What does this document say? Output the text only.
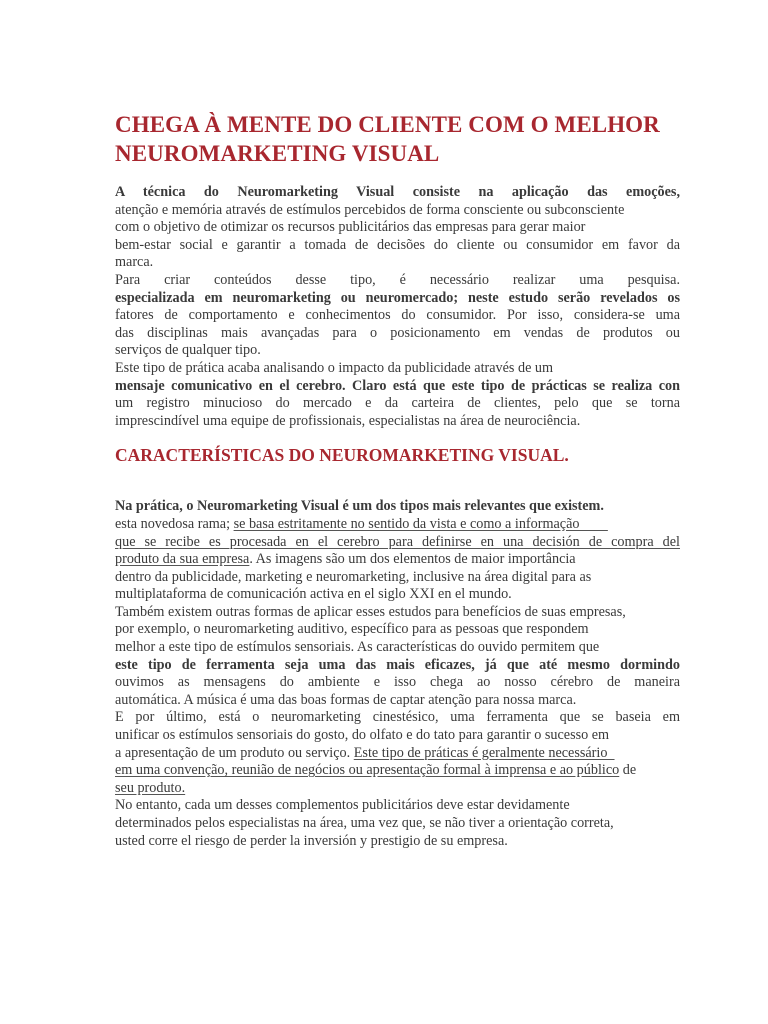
CHEGA À MENTE DO CLIENTE COM O MELHOR
NEUROMARKETING VISUAL
A técnica do Neuromarketing Visual consiste na aplicação das emoções,
atenção e memória através de estímulos percebidos de forma consciente ou subconsciente
com o objetivo de otimizar os recursos publicitários das empresas para gerar maior
bem-estar social e garantir a tomada de decisões do cliente ou consumidor em favor da
marca.
Para criar conteúdos desse tipo, é necessário realizar uma pesquisa.
especializada em neuromarketing ou neuromercado; neste estudo serão revelados os
fatores de comportamento e conhecimentos do consumidor. Por isso, considera-se uma
das disciplinas mais avançadas para o posicionamento em vendas de produtos ou
serviços de qualquer tipo.
Este tipo de prática acaba analisando o impacto da publicidade através de um
mensaje comunicativo en el cerebro. Claro está que este tipo de prácticas se realiza con
um registro minucioso do mercado e da carteira de clientes, pelo que se torna
imprescindível uma equipe de profissionais, especialistas na área de neurociência.
CARACTERÍSTICAS DO NEUROMARKETING VISUAL.
Na prática, o Neuromarketing Visual é um dos tipos mais relevantes que existem.
esta novedosa rama; se basa estritamente no sentido da vista e como a informação
que se recibe es procesada en el cerebro para definirse en una decisión de compra del
produto da sua empresa. As imagens são um dos elementos de maior importância
dentro da publicidade, marketing e neuromarketing, inclusive na área digital para as
multiplataforma de comunicación activa en el siglo XXI en el mundo.
Também existem outras formas de aplicar esses estudos para benefícios de suas empresas,
por exemplo, o neuromarketing auditivo, específico para as pessoas que respondem
melhor a este tipo de estímulos sensoriais. As características do ouvido permitem que
este tipo de ferramenta seja uma das mais eficazes, já que até mesmo dormindo
ouvimos as mensagens do ambiente e isso chega ao nosso cérebro de maneira
automática. A música é uma das boas formas de captar atenção para nossa marca.
E por último, está o neuromarketing cinestésico, uma ferramenta que se baseia em
unificar os estímulos sensoriais do gosto, do olfato e do tato para garantir o sucesso em
a apresentação de um produto ou serviço. Este tipo de práticas é geralmente necessário
em uma convenção, reunião de negócios ou apresentação formal à imprensa e ao público de
seu produto.
No entanto, cada um desses complementos publicitários deve estar devidamente
determinados pelos especialistas na área, uma vez que, se não tiver a orientação correta,
usted corre el riesgo de perder la inversión y prestigio de su empresa.
